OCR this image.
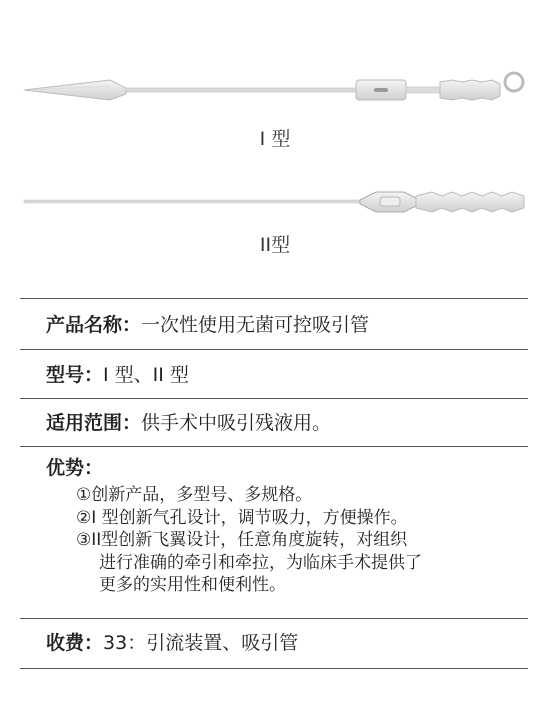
I 型
II型
产品名称：一次性使用无菌可控吸引管
型号：I 型、II 型
适用范围：供手术中吸引残液用。
优势：

①创新产品，多型号、多规格。

②I 型创新气孔设计，调节吸力，方便操作。

③II型创新飞翼设计，任意角度旋转，对组织
进行准确的牵引和牵拉，为临床手术提供了
更多的实用性和便利性。

收费：33：引流装置、吸引管
